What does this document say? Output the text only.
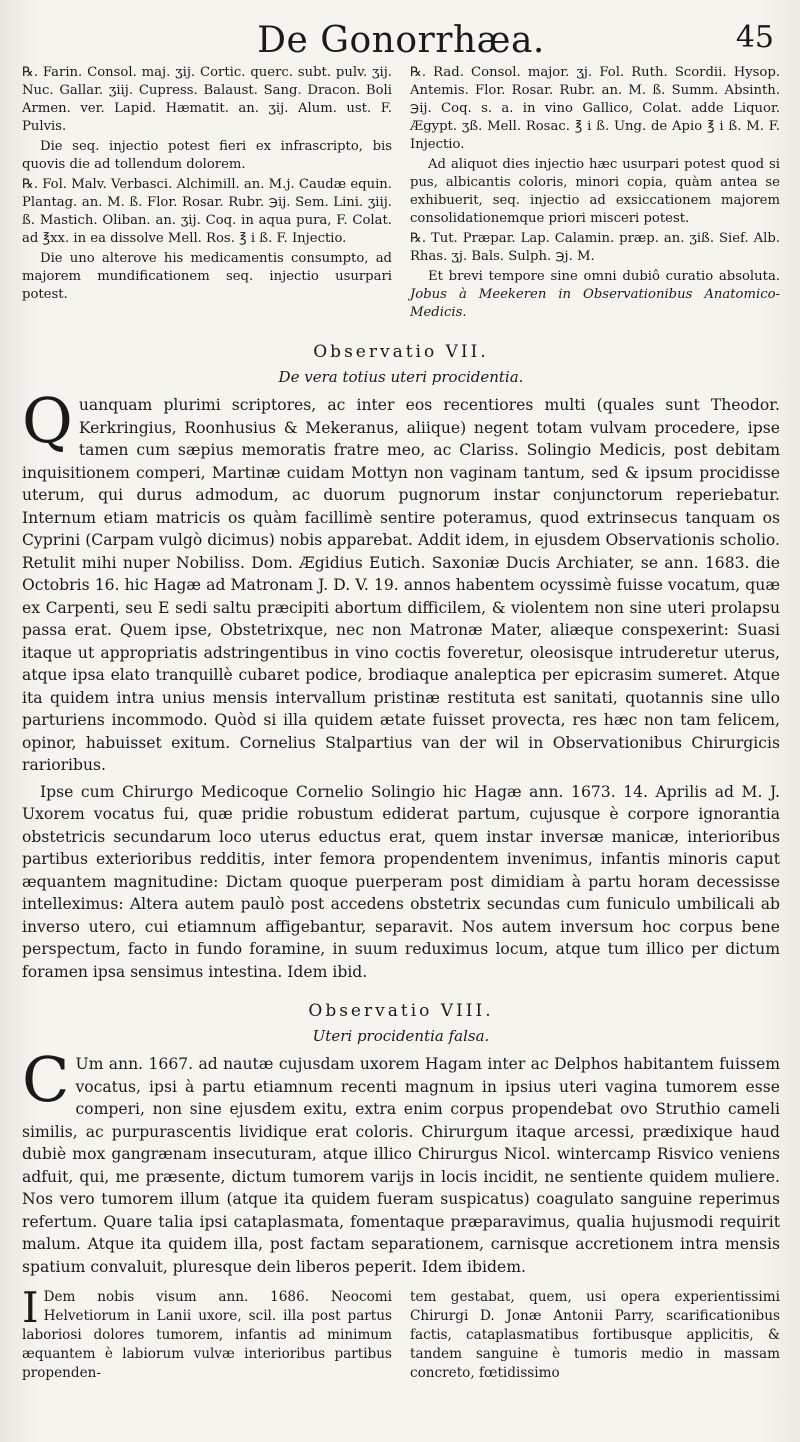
De Gonorrhæa.	45

℞. Farin. Consol. maj. ʒij. Cortic. querc. subt. pulv. ʒij. Nuc. Gallar. ʒiij. Cupress. Balaust. Sang. Dracon. Boli Armen. ver. Lapid. Hæmatit. an. ʒij. Alum. ust. F. Pulvis.

Die seq. injectio potest fieri ex infrascripto, bis quovis die ad tollendum dolorem.

℞. Fol. Malv. Verbasci. Alchimill. an. M.j. Caudæ equin. Plantag. an. M. ß. Flor. Rosar. Rubr. ℈ij. Sem. Lini. ʒiij. ß. Mastich. Oliban. an. ʒij. Coq. in aqua pura, F. Colat. ad ℥xx. in ea dissolve Mell. Ros. ℥ i ß. F. Injectio.

Die uno alterove his medicamentis consumpto, ad majorem mundificationem seq. injectio usurpari potest.

℞. Rad. Consol. major. ʒj. Fol. Ruth. Scordii. Hysop. Antemis. Flor. Rosar. Rubr. an. M. ß. Summ. Absinth. ℈ij. Coq. s. a. in vino Gallico, Colat. adde Liquor. Ægypt. ʒß. Mell. Rosac. ℥ i ß. Ung. de Apio ℥ i ß. M. F. Injectio.

Ad aliquot dies injectio hæc usurpari potest quod si pus, albicantis coloris, minori copia, quàm antea se exhibuerit, seq. injectio ad exsiccationem majorem consolidationemque priori misceri potest.

℞. Tut. Præpar. Lap. Calamin. præp. an. ʒiß. Sief. Alb. Rhas. ʒj. Bals. Sulph. ℈j. M.

Et brevi tempore sine omni dubiô curatio absoluta. Jobus à Meekeren in Observationibus Anatomico-Medicis.

Observatio VII.
De vera totius uteri procidentia.

Quanquam plurimi scriptores, ac inter eos recentiores multi (quales sunt Theodor. Kerkringius, Roonhusius & Mekeranus, aliique) negent totam vulvam procedere, ipse tamen cum sæpius memoratis fratre meo, ac Clariss. Solingio Medicis, post debitam inquisitionem comperi, Martinæ cuidam Mottyn non vaginam tantum, sed & ipsum procidisse uterum, qui durus admodum, ac duorum pugnorum instar conjunctorum reperiebatur. Internum etiam matricis os quàm facillimè sentire poteramus, quod extrinsecus tanquam os Cyprini (Carpam vulgò dicimus) nobis apparebat. Addit idem, in ejusdem Observationis scholio. Retulit mihi nuper Nobiliss. Dom. Ægidius Eutich. Saxoniæ Ducis Archiater, se ann. 1683. die Octobris 16. hic Hagæ ad Matronam J. D. V. 19. annos habentem ocyssimè fuisse vocatum, quæ ex Carpenti, seu E sedi saltu præcipiti abortum difficilem, & violentem non sine uteri prolapsu passa erat. Quem ipse, Obstetrixque, nec non Matronæ Mater, aliæque conspexerint: Suasi itaque ut appropriatis adstringentibus in vino coctis foveretur, oleosisque intruderetur uterus, atque ipsa elato tranquillè cubaret podice, brodiaque analeptica per epicrasim sumeret. Atque ita quidem intra unius mensis intervallum pristinæ restituta est sanitati, quotannis sine ullo parturiens incommodo. Quòd si illa quidem ætate fuisset provecta, res hæc non tam felicem, opinor, habuisset exitum. Cornelius Stalpartius van der wil in Observationibus Chirurgicis rarioribus.

Ipse cum Chirurgo Medicoque Cornelio Solingio hic Hagæ ann. 1673. 14. Aprilis ad M. J. Uxorem vocatus fui, quæ pridie robustum ediderat partum, cujusque è corpore ignorantia obstetricis secundarum loco uterus eductus erat, quem instar inversæ manicæ, interioribus partibus exterioribus redditis, inter femora propendentem invenimus, infantis minoris caput æquantem magnitudine: Dictam quoque puerperam post dimidiam à partu horam decessisse intelleximus: Altera autem paulò post accedens obstetrix secundas cum funiculo umbilicali ab inverso utero, cui etiamnum affigebantur, separavit. Nos autem inversum hoc corpus bene perspectum, facto in fundo foramine, in suum reduximus locum, atque tum illico per dictum foramen ipsa sensimus intestina. Idem ibid.

Observatio VIII.
Uteri procidentia falsa.

C Um ann. 1667. ad nautæ cujusdam uxorem Hagam inter ac Delphos habitantem fuissem vocatus, ipsi à partu etiamnum recenti magnum in ipsius uteri vagina tumorem esse comperi, non sine ejusdem exitu, extra enim corpus propendebat ovo Struthio cameli similis, ac purpurascentis lividique erat coloris. Chirurgum itaque arcessi, prædixique haud dubiè mox gangrænam insecuturam, atque illico Chirurgus Nicol. wintercamp Risvico veniens adfuit, qui, me præsente, dictum tumorem varijs in locis incidit, ne sentiente quidem muliere. Nos vero tumorem illum (atque ita quidem fueram suspicatus) coagulato sanguine reperimus refertum. Quare talia ipsi cataplasmata, fomentaque præparavimus, qualia hujusmodi requirit malum. Atque ita quidem illa, post factam separationem, carnisque accretionem intra mensis spatium convaluit, pluresque dein liberos peperit. Idem ibidem.

I Dem nobis visum ann. 1686. Neocomi Helvetiorum in Lanii uxore, scil. illa post partus laboriosi dolores tumorem, infantis ad minimum æquantem è labiorum vulvæ interioribus partibus propenden-

tem gestabat, quem, usi opera experientissimi Chirurgi D. Jonæ Antonii Parry, scarificationibus factis, cataplasmatibus fortibusque applicitis, & tandem sanguine è tumoris medio in massam concreto, fœtidissimo
